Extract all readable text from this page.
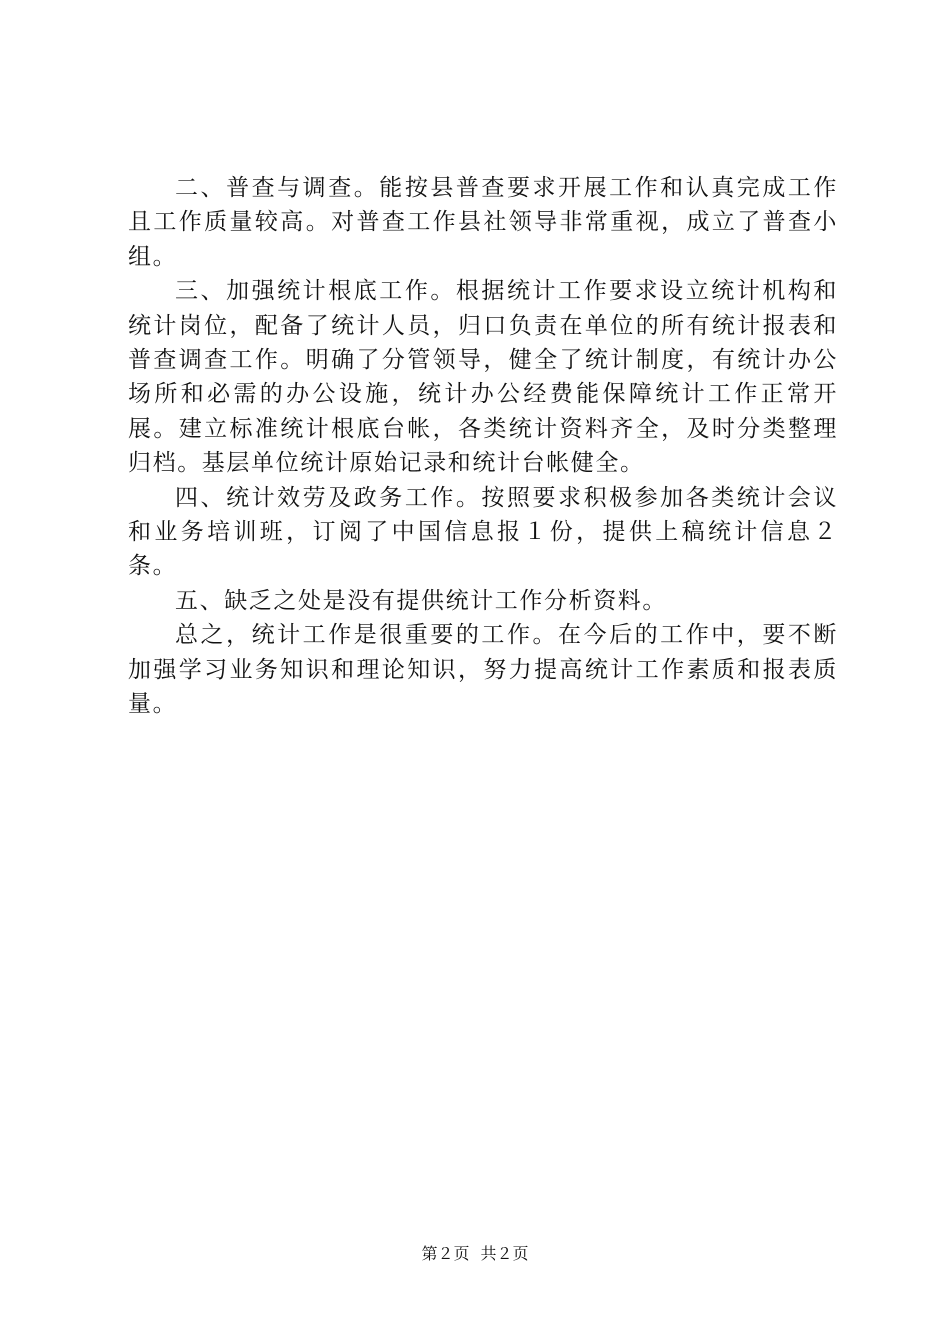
二、普查与调查。能按县普查要求开展工作和认真完成工作且工作质量较高。对普查工作县社领导非常重视，成立了普查小组。

三、加强统计根底工作。根据统计工作要求设立统计机构和统计岗位，配备了统计人员，归口负责在单位的所有统计报表和普查调查工作。明确了分管领导，健全了统计制度，有统计办公场所和必需的办公设施，统计办公经费能保障统计工作正常开展。建立标准统计根底台帐，各类统计资料齐全，及时分类整理归档。基层单位统计原始记录和统计台帐健全。

四、统计效劳及政务工作。按照要求积极参加各类统计会议和业务培训班，订阅了中国信息报１份，提供上稿统计信息２条。

五、缺乏之处是没有提供统计工作分析资料。

总之，统计工作是很重要的工作。在今后的工作中，要不断加强学习业务知识和理论知识，努力提高统计工作素质和报表质量。

第２页 共２页
